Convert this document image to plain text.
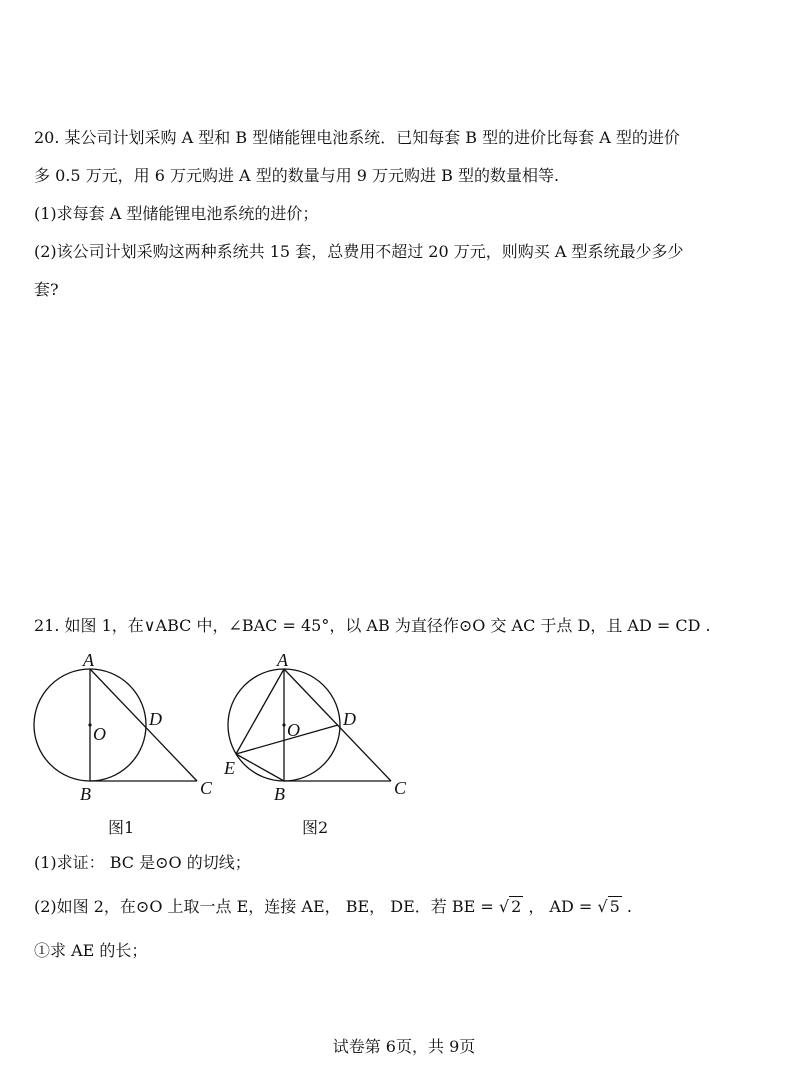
20. 某公司计划采购 A 型和 B 型储能锂电池系统．已知每套 B 型的进价比每套 A 型的进价
多 0.5 万元，用 6 万元购进 A 型的数量与用 9 万元购进 B 型的数量相等.
(1)求每套 A 型储能锂电池系统的进价；
(2)该公司计划采购这两种系统共 15 套，总费用不超过 20 万元，则购买 A 型系统最少多少
套?
21. 如图 1，在∨ABC 中，∠BAC = 45°，以 AB 为直径作⊙O 交 AC 于点 D，且 AD = CD .
A
B	C
D
O
图1
A
B	C
D
E
O
图2
(1)求证： BC 是⊙O 的切线；
(2)如图 2，在⊙O 上取一点 E，连接 AE， BE， DE．若 BE = √ 2 ， AD = √ 5 .
①求 AE 的长；
试卷第 6页，共 9页
